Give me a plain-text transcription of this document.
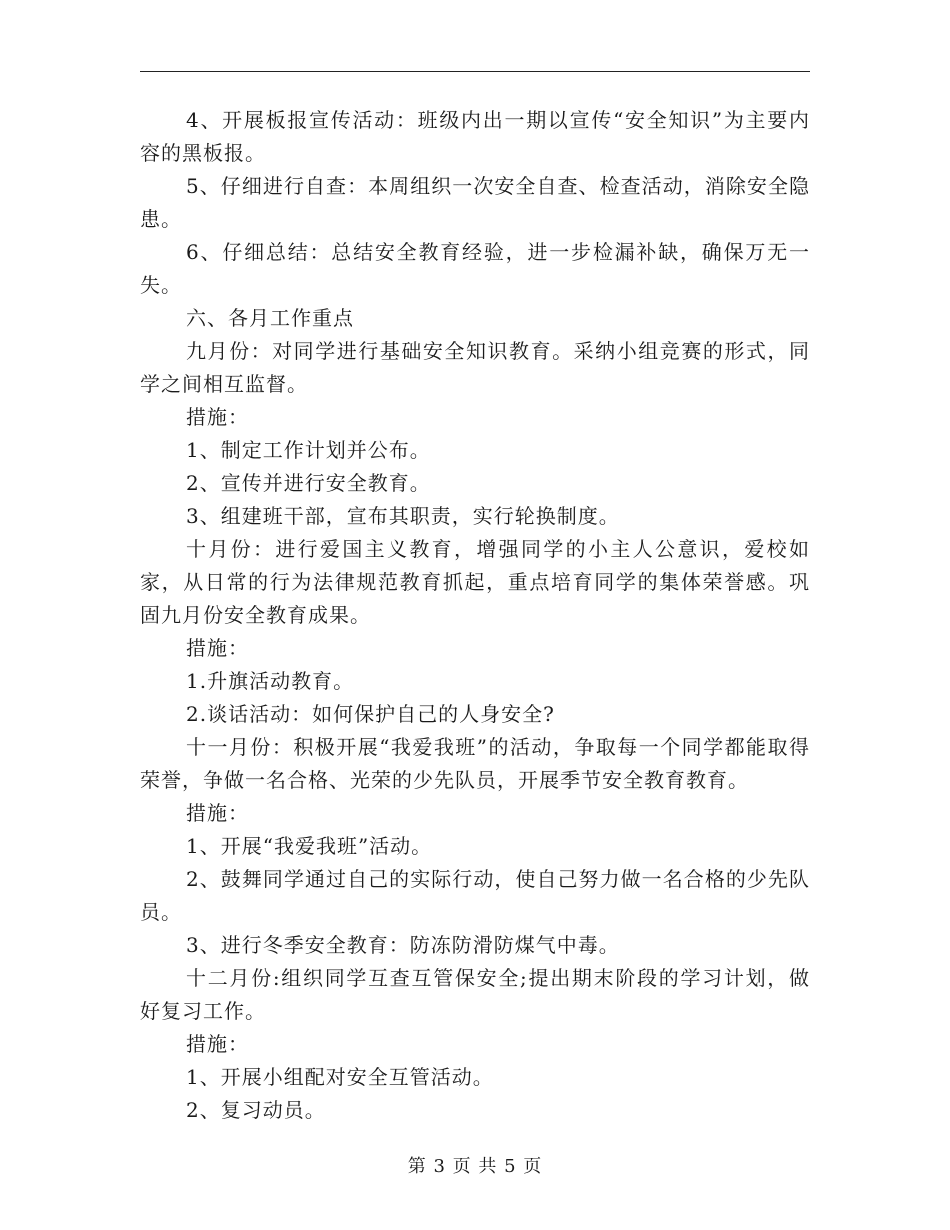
4、开展板报宣传活动：班级内出一期以宣传“安全知识”为主要内容的黑板报。

5、仔细进行自查：本周组织一次安全自查、检查活动，消除安全隐患。

6、仔细总结：总结安全教育经验，进一步检漏补缺，确保万无一失。

六、各月工作重点

九月份：对同学进行基础安全知识教育。采纳小组竞赛的形式，同学之间相互监督。

措施：

1、制定工作计划并公布。

2、宣传并进行安全教育。

3、组建班干部，宣布其职责，实行轮换制度。

十月份：进行爱国主义教育，增强同学的小主人公意识，爱校如家，从日常的行为法律规范教育抓起，重点培育同学的集体荣誉感。巩固九月份安全教育成果。

措施：

1.升旗活动教育。

2.谈话活动：如何保护自己的人身安全?

十一月份：积极开展“我爱我班”的活动，争取每一个同学都能取得荣誉，争做一名合格、光荣的少先队员，开展季节安全教育教育。

措施：

1、开展“我爱我班”活动。

2、鼓舞同学通过自己的实际行动，使自己努力做一名合格的少先队员。

3、进行冬季安全教育：防冻防滑防煤气中毒。

十二月份:组织同学互查互管保安全;提出期末阶段的学习计划，做好复习工作。

措施：

1、开展小组配对安全互管活动。

2、复习动员。

第 3 页 共 5 页
